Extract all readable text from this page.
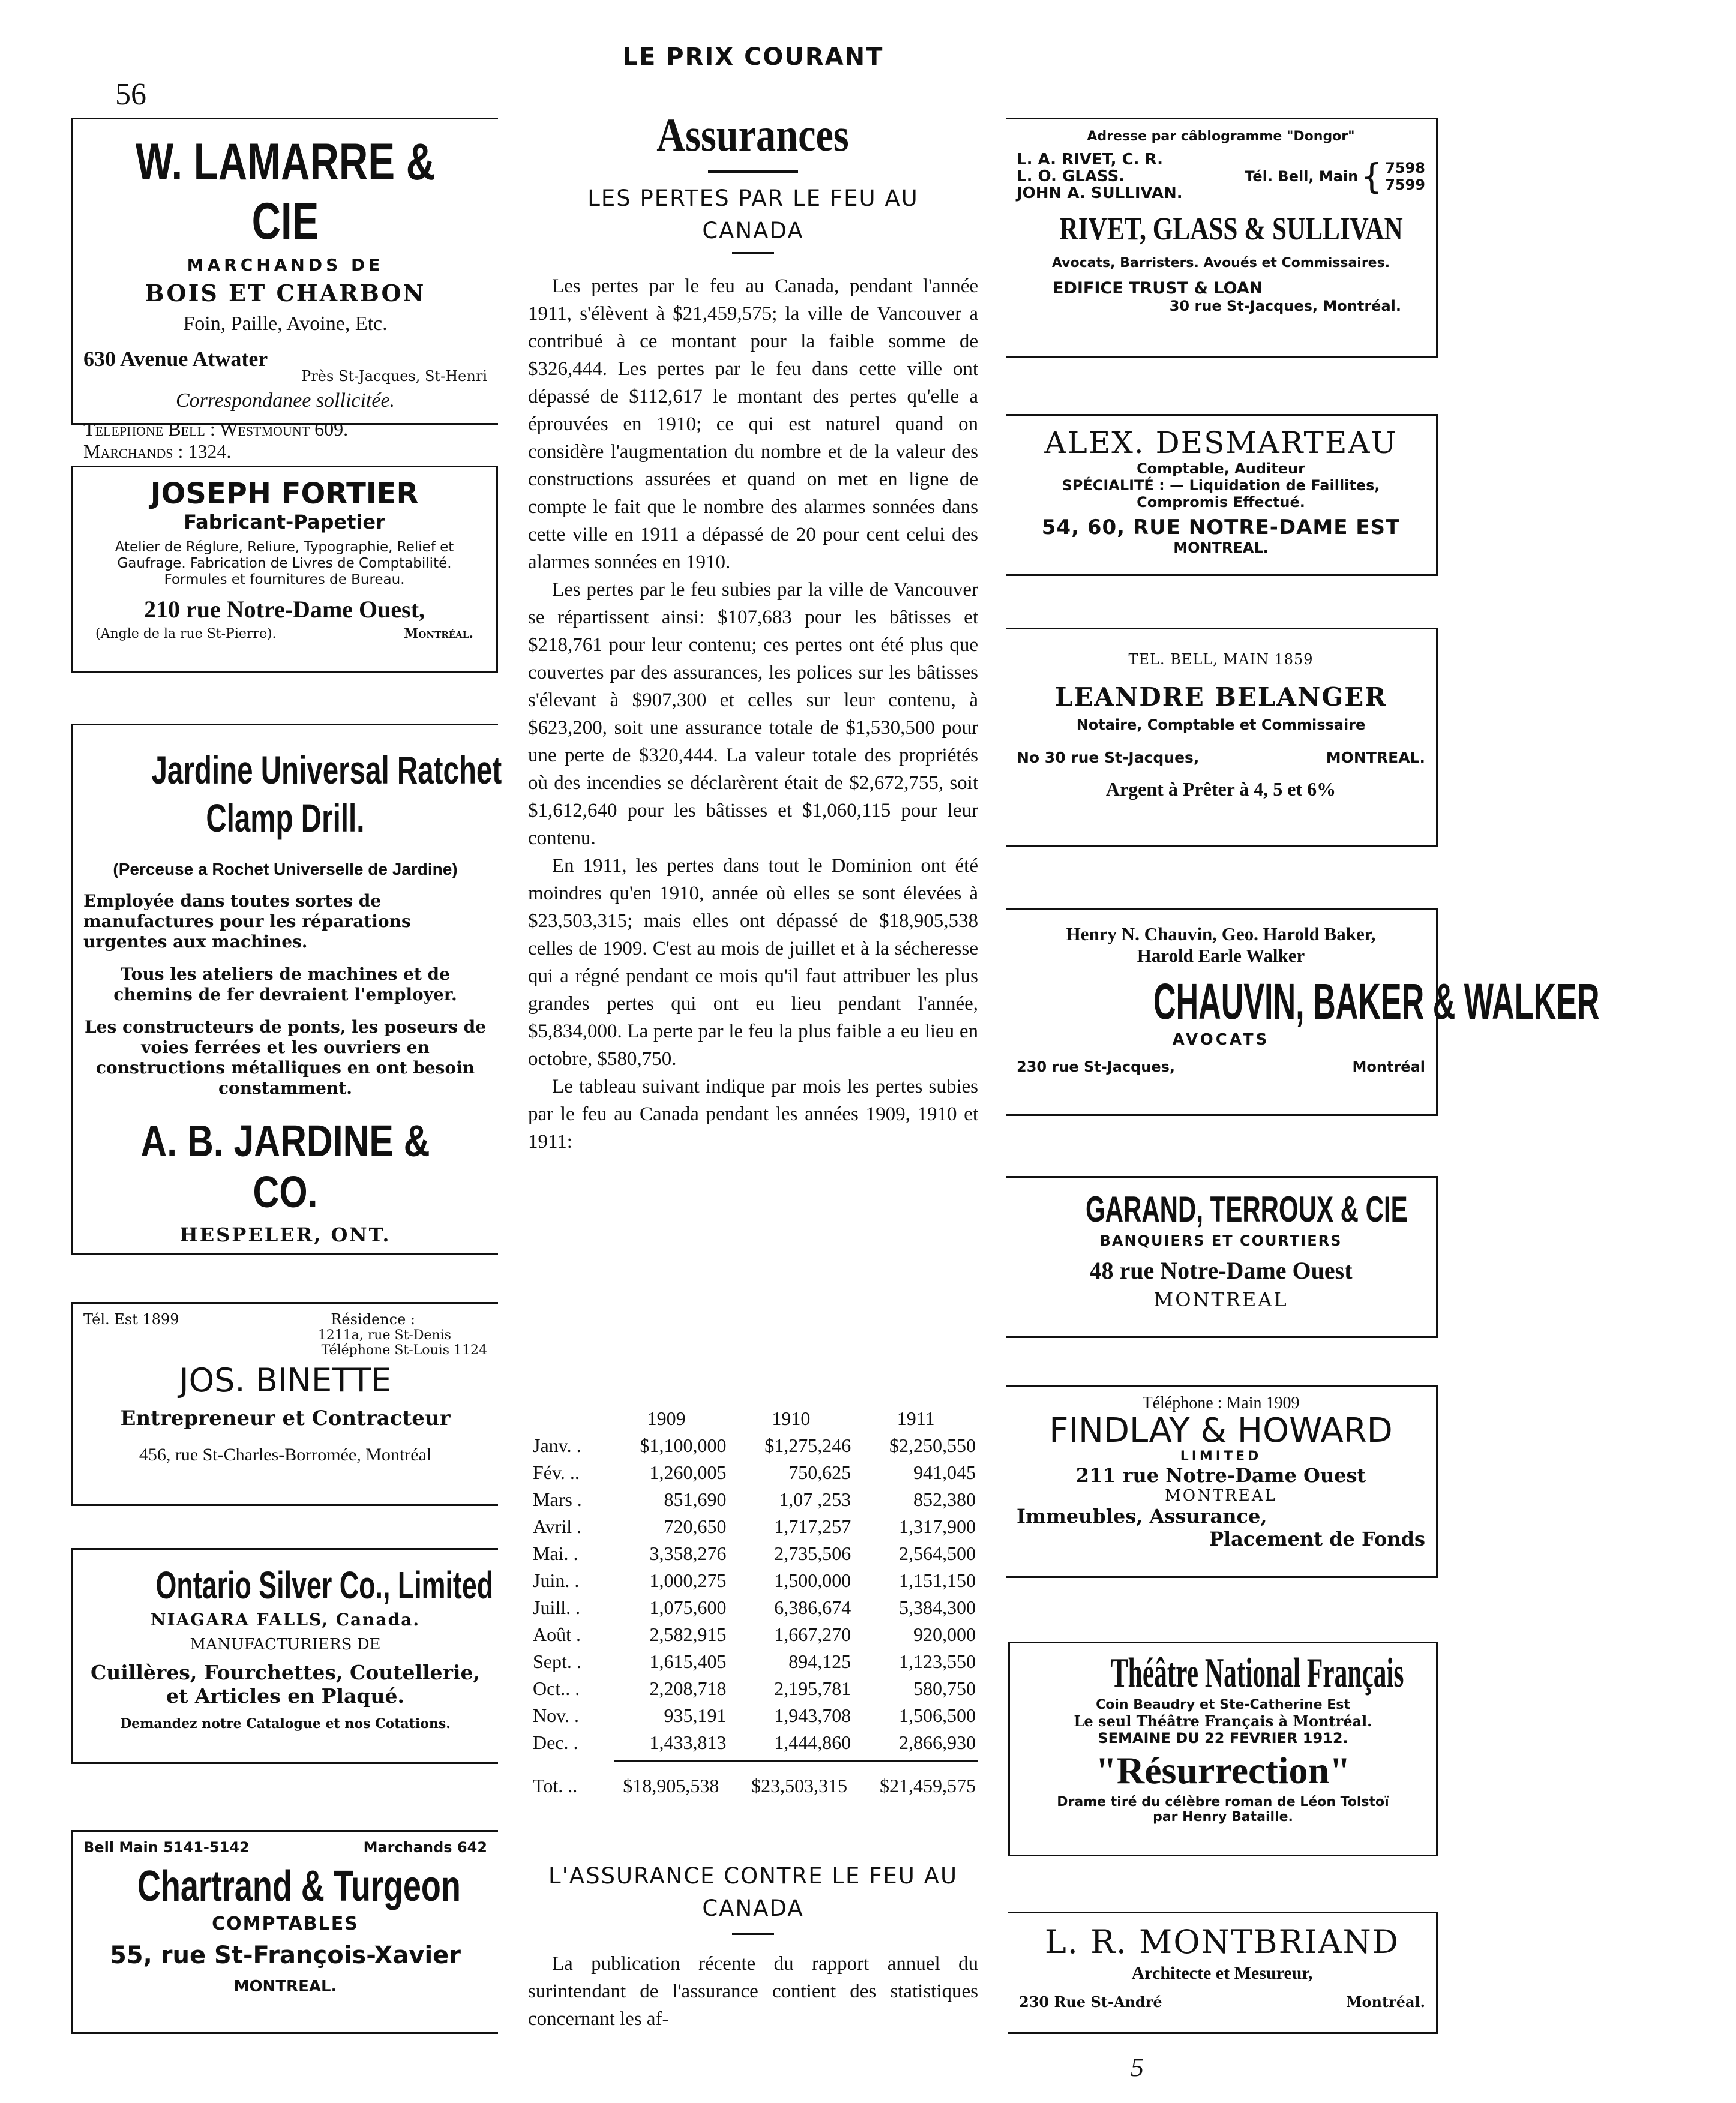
LE PRIX COURANT
56
W. LAMARRE & CIE
MARCHANDS DE
BOIS ET CHARBON
Foin, Paille, Avoine, Etc.
630 Avenue Atwater
Près St-Jacques, St-Henri
Correspondanee sollicitée.
Telephone Bell : Westmount 609.
Marchands : 1324.
JOSEPH FORTIER
Fabricant-Papetier
Atelier de Réglure, Reliure, Typographie, Relief et Gaufrage. Fabrication de Livres de Comptabilité. Formules et fournitures de Bureau.
210 rue Notre-Dame Ouest,
(Angle de la rue St-Pierre).	Montréal.
Jardine Universal Ratchet
Clamp Drill.
(Perceuse a Rochet Universelle de Jardine)
Employée dans toutes sortes de manufactures pour les réparations urgentes aux machines.
Tous les ateliers de machines et de chemins de fer devraient l'employer.
Les constructeurs de ponts, les poseurs de voies ferrées et les ouvriers en constructions métalliques en ont besoin constamment.
A. B. JARDINE & CO.
HESPELER, ONT.
Tél. Est 1899	Résidence :
1211a, rue St-Denis
Téléphone St-Louis 1124
JOS. BINETTE
Entrepreneur et Contracteur
456, rue St-Charles-Borromée, Montréal
Ontario Silver Co., Limited
NIAGARA FALLS, Canada.
MANUFACTURIERS DE
Cuillères, Fourchettes, Coutellerie,
et Articles en Plaqué.
Demandez notre Catalogue et nos Cotations.
Bell Main 5141-5142	Marchands 642
Chartrand & Turgeon
COMPTABLES
55, rue St-François-Xavier
MONTREAL.
Assurances
LES PERTES PAR LE FEU AU CANADA

Les pertes par le feu au Canada, pendant l'année 1911, s'élèvent à $21,459,575; la ville de Vancouver a contribué à ce montant pour la faible somme de $326,444. Les pertes par le feu dans cette ville ont dépassé de $112,617 le montant des pertes qu'elle a éprouvées en 1910; ce qui est naturel quand on considère l'augmentation du nombre et de la valeur des constructions assurées et quand on met en ligne de compte le fait que le nombre des alarmes sonnées dans cette ville en 1911 a dépassé de 20 pour cent celui des alarmes sonnées en 1910.

Les pertes par le feu subies par la ville de Vancouver se répartissent ainsi: $107,683 pour les bâtisses et $218,761 pour leur contenu; ces pertes ont été plus que couvertes par des assurances, les polices sur les bâtisses s'élevant à $907,300 et celles sur leur contenu, à $623,200, soit une assurance totale de $1,530,500 pour une perte de $320,444. La valeur totale des propriétés où des incendies se déclarèrent était de $2,672,755, soit $1,612,640 pour les bâtisses et $1,060,115 pour leur contenu.

En 1911, les pertes dans tout le Dominion ont été moindres qu'en 1910, année où elles se sont élevées à $23,503,315; mais elles ont dépassé de $18,905,538 celles de 1909. C'est au mois de juillet et à la sécheresse qui a régné pendant ce mois qu'il faut attribuer les plus grandes pertes qui ont eu lieu pendant l'année, $5,834,000. La perte par le feu la plus faible a eu lieu en octobre, $580,750.

Le tableau suivant indique par mois les pertes subies par le feu au Canada pendant les années 1909, 1910 et 1911:

	1909	1910	1911
Janv. .	$1,100,000	$1,275,246	$2,250,550
Fév. ..	1,260,005	750,625	941,045
Mars .	851,690	1,07 ,253	852,380
Avril .	720,650	1,717,257	1,317,900
Mai. .	3,358,276	2,735,506	2,564,500
Juin. .	1,000,275	1,500,000	1,151,150
Juill. .	1,075,600	6,386,674	5,384,300
Août .	2,582,915	1,667,270	920,000
Sept. .	1,615,405	894,125	1,123,550
Oct.. .	2,208,718	2,195,781	580,750
Nov. .	935,191	1,943,708	1,506,500
Dec. .	1,433,813	1,444,860	2,866,930
Tot. ..	$18,905,538	$23,503,315	$21,459,575
L'ASSURANCE CONTRE LE FEU AU CANADA

La publication récente du rapport annuel du surintendant de l'assurance contient des statistiques concernant les af-

Adresse par câblogramme "Dongor"
L. A. RIVET, C. R.
L. O. GLASS.
JOHN A. SULLIVAN.
Tél. Bell, Main { 7598
7599
RIVET, GLASS & SULLIVAN
Avocats, Barristers. Avoués et Commissaires.
EDIFICE TRUST & LOAN
30 rue St-Jacques, Montréal.
ALEX. DESMARTEAU
Comptable, Auditeur
SPÉCIALITÉ : — Liquidation de Faillites,
Compromis Effectué.
54, 60, RUE NOTRE-DAME EST
MONTREAL.
TEL. BELL, MAIN 1859
LEANDRE BELANGER
Notaire, Comptable et Commissaire
No 30 rue St-Jacques,	MONTREAL.
Argent à Prêter à 4, 5 et 6%
Henry N. Chauvin, Geo. Harold Baker,
Harold Earle Walker
CHAUVIN, BAKER & WALKER
AVOCATS
230 rue St-Jacques,	Montréal
GARAND, TERROUX & CIE
BANQUIERS ET COURTIERS
48 rue Notre-Dame Ouest
MONTREAL
Téléphone : Main 1909
FINDLAY & HOWARD
LIMITED
211 rue Notre-Dame Ouest
MONTREAL
Immeubles, Assurance,
Placement de Fonds
Théâtre National Français
Coin Beaudry et Ste-Catherine Est
Le seul Théâtre Français à Montréal.
SEMAINE DU 22 FEVRIER 1912.
"Résurrection"
Drame tiré du célèbre roman de Léon Tolstoï
par Henry Bataille.
L. R. MONTBRIAND
Architecte et Mesureur,
230 Rue St-André	Montréal.
5
